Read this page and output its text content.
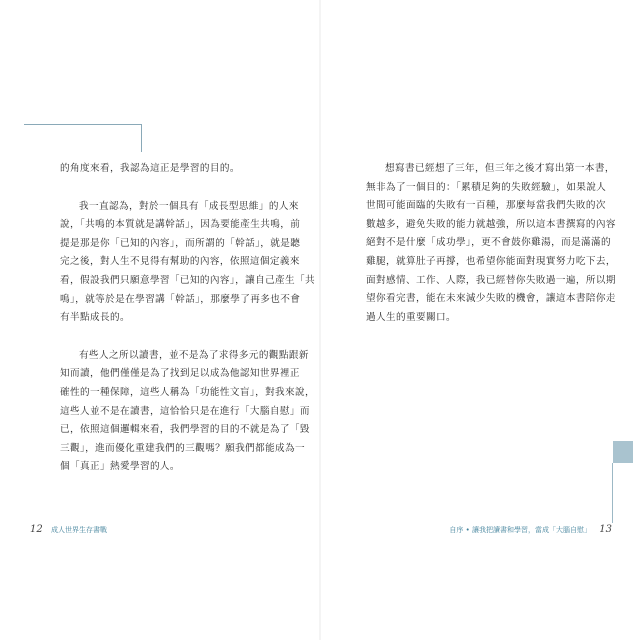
的角度來看，我認為這正是學習的目的。

我一直認為，對於一個具有「成長型思維」的人來

說，「共鳴的本質就是講幹話」，因為要能產生共鳴，前

提是那是你「已知的內容」，而所謂的「幹話」，就是聽

完之後，對人生不見得有幫助的內容，依照這個定義來

看，假設我們只願意學習「已知的內容」，讓自己產生「共

鳴」，就等於是在學習講「幹話」，那麼學了再多也不會

有半點成長的。

有些人之所以讀書，並不是為了求得多元的觀點跟新

知而讀，他們僅僅是為了找到足以成為他認知世界裡正

確性的一種保障，這些人稱為「功能性文盲」，對我來說，

這些人並不是在讀書，這恰恰只是在進行「大腦自慰」而

已，依照這個邏輯來看，我們學習的目的不就是為了「毀

三觀」，進而優化重建我們的三觀嗎？願我們都能成為一

個「真正」熱愛學習的人。

12 成人世界生存書戰

想寫書已經想了三年，但三年之後才寫出第一本書，

無非為了一個目的：「累積足夠的失敗經驗」，如果說人

世間可能面臨的失敗有一百種，那麼每當我們失敗的次

數越多，避免失敗的能力就越強，所以這本書撰寫的內容

絕對不是什麼「成功學」，更不會鼓你雞湯，而是滿滿的

雞腿，就算肚子再撐，也希望你能面對現實努力吃下去，

面對感情、工作、人際，我已經替你失敗過一遍，所以期

望你看完書，能在未來減少失敗的機會，讓這本書陪你走

過人生的重要關口。

自序 • 讓我把讀書和學習，當成「大腦自慰」 13
